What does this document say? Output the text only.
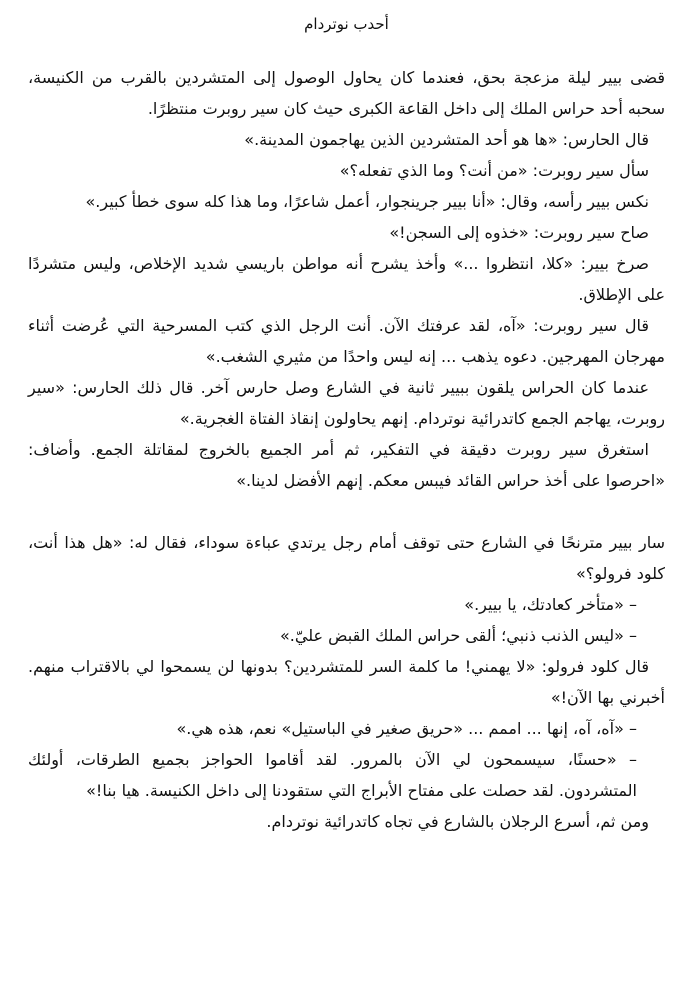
أحدب نوتردام

قضى بيير ليلة مزعجة بحق، فعندما كان يحاول الوصول إلى المتشردين بالقرب من الكنيسة، سحبه أحد حراس الملك إلى داخل القاعة الكبرى حيث كان سير روبرت منتظرًا.

قال الحارس: «ها هو أحد المتشردين الذين يهاجمون المدينة.»

سأل سير روبرت: «من أنت؟ وما الذي تفعله؟»

نكس بيير رأسه، وقال: «أنا بيير جرينجوار، أعمل شاعرًا، وما هذا كله سوى خطأ كبير.»

صاح سير روبرت: «خذوه إلى السجن!»

صرخ بيير: «كلا، انتظروا ...» وأخذ يشرح أنه مواطن باريسي شديد الإخلاص، وليس متشردًا على الإطلاق.

قال سير روبرت: «آه، لقد عرفتك الآن. أنت الرجل الذي كتب المسرحية التي عُرضت أثناء مهرجان المهرجين. دعوه يذهب ... إنه ليس واحدًا من مثيري الشغب.»

عندما كان الحراس يلقون ببيير ثانية في الشارع وصل حارس آخر. قال ذلك الحارس: «سير روبرت، يهاجم الجمع كاتدرائية نوتردام. إنهم يحاولون إنقاذ الفتاة الغجرية.»

استغرق سير روبرت دقيقة في التفكير، ثم أمر الجميع بالخروج لمقاتلة الجمع. وأضاف: «احرصوا على أخذ حراس القائد فيبس معكم. إنهم الأفضل لدينا.»

سار بيير مترنحًا في الشارع حتى توقف أمام رجل يرتدي عباءة سوداء، فقال له: «هل هذا أنت، كلود فرولو؟»

– «متأخر كعادتك، يا بيير.»

– «ليس الذنب ذنبي؛ ألقى حراس الملك القبض عليّ.»

قال كلود فرولو: «لا يهمني! ما كلمة السر للمتشردين؟ بدونها لن يسمحوا لي بالاقتراب منهم. أخبرني بها الآن!»

– «آه، آه، إنها ... اممم ... «حريق صغير في الباستيل» نعم، هذه هي.»

– «حسنًا، سيسمحون لي الآن بالمرور. لقد أقاموا الحواجز بجميع الطرقات، أولئك المتشردون. لقد حصلت على مفتاح الأبراج التي ستقودنا إلى داخل الكنيسة. هيا بنا!»

ومن ثم، أسرع الرجلان بالشارع في تجاه كاتدرائية نوتردام.
